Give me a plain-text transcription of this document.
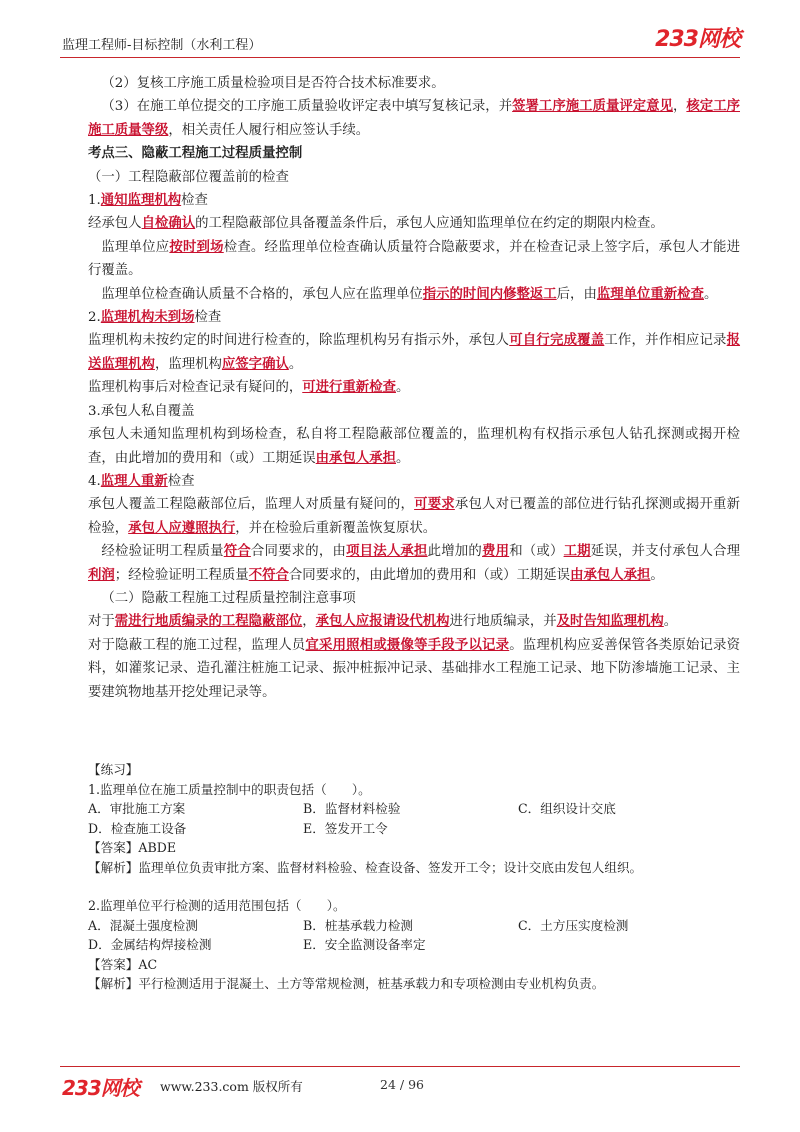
监理工程师-目标控制（水利工程）	233网校

（2）复核工序施工质量检验项目是否符合技术标准要求。

（3）在施工单位提交的工序施工质量验收评定表中填写复核记录，并签署工序施工质量评定意见，核定工序施工质量等级，相关责任人履行相应签认手续。

考点三、隐蔽工程施工过程质量控制

（一）工程隐蔽部位覆盖前的检查

1.通知监理机构检查

经承包人自检确认的工程隐蔽部位具备覆盖条件后，承包人应通知监理单位在约定的期限内检查。

监理单位应按时到场检查。经监理单位检查确认质量符合隐蔽要求，并在检查记录上签字后，承包人才能进行覆盖。

监理单位检查确认质量不合格的，承包人应在监理单位指示的时间内修整返工后，由监理单位重新检查。

2.监理机构未到场检查

监理机构未按约定的时间进行检查的，除监理机构另有指示外，承包人可自行完成覆盖工作，并作相应记录报送监理机构，监理机构应签字确认。

监理机构事后对检查记录有疑问的，可进行重新检查。

3.承包人私自覆盖

承包人未通知监理机构到场检查，私自将工程隐蔽部位覆盖的，监理机构有权指示承包人钻孔探测或揭开检查，由此增加的费用和（或）工期延误由承包人承担。

4.监理人重新检查

承包人覆盖工程隐蔽部位后，监理人对质量有疑问的，可要求承包人对已覆盖的部位进行钻孔探测或揭开重新检验，承包人应遵照执行，并在检验后重新覆盖恢复原状。

经检验证明工程质量符合合同要求的，由项目法人承担此增加的费用和（或）工期延误，并支付承包人合理利润；经检验证明工程质量不符合合同要求的，由此增加的费用和（或）工期延误由承包人承担。

（二）隐蔽工程施工过程质量控制注意事项

对于需进行地质编录的工程隐蔽部位，承包人应报请设代机构进行地质编录，并及时告知监理机构。

对于隐蔽工程的施工过程，监理人员宜采用照相或摄像等手段予以记录。监理机构应妥善保管各类原始记录资料，如灌浆记录、造孔灌注桩施工记录、振冲桩振冲记录、基础排水工程施工记录、地下防渗墙施工记录、主要建筑物地基开挖处理记录等。

【练习】

1.监理单位在施工质量控制中的职责包括（　　）。

A．审批施工方案	B．监督材料检验	C．组织设计交底
D．检查施工设备	E．签发开工令

【答案】ABDE

【解析】监理单位负责审批方案、监督材料检验、检查设备、签发开工令；设计交底由发包人组织。

2.监理单位平行检测的适用范围包括（　　）。

A．混凝土强度检测	B．桩基承载力检测	C．土方压实度检测
D．金属结构焊接检测	E．安全监测设备率定

【答案】AC

【解析】平行检测适用于混凝土、土方等常规检测，桩基承载力和专项检测由专业机构负责。

233网校 www.233.com 版权所有	24 / 96
